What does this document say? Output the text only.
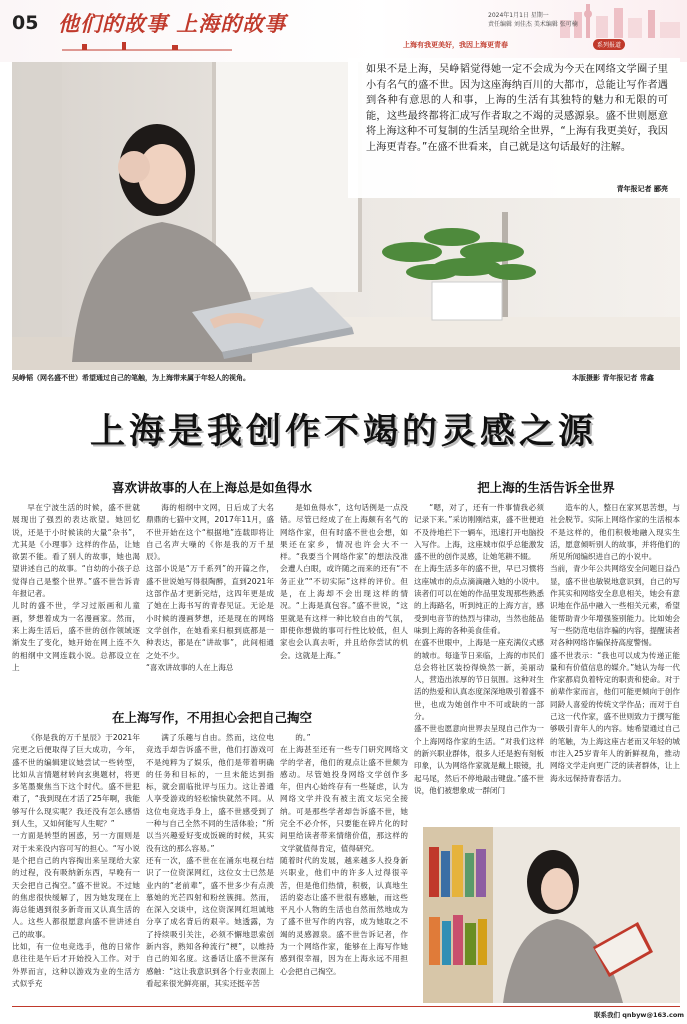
05 他们的故事 上海的故事	2024年1月1日 星期一
责任编辑 刘佳杰 美术编辑 张可楠
上海有我更美好，我因上海更青春	系列报道

如果不是上海，吴峥韬觉得她一定不会成为今天在网络文学圈子里小有名气的盛不世。因为这座海纳百川的大都市，总能让写作者遇到各种有意思的人和事，上海的生活有其独特的魅力和无限的可能，这些最终都将汇成写作者取之不竭的灵感源泉。盛不世则愿意将上海这种不可复制的生活呈现给全世界，“上海有我更美好，我因上海更青春。”在盛不世看来，自己就是这句话最好的注解。

青年报记者 郦亮
吴峥韬（网名盛不世）希望通过自己的笔触，为上海带来属于年轻人的视角。	本版摄影 青年报记者 常鑫
上海是我创作不竭的灵感之源
喜欢讲故事的人在上海总是如鱼得水	把上海的生活告诉全世界
在上海写作，不用担心会把自己掏空
早在宁波生活的时候，盛不世就展现出了强烈的表达欲望。她回忆说，还是于小时候读的大量“杂书”，尤其是《小理事》这样的作品，让她欲罢不能。看了别人的故事，她也渴望讲述自己的故事。“自幼的小孩子总觉得自己是整个世界。”盛不世告诉青年报记者。
儿时的盛不世，学习过版画和儿童画，梦想着成为一名漫画家。然而，来上海生活后，盛不世的创作领域逐渐发生了变化，她开始在网上连不久的相纲中文网连载小说。总都设立在上
海的相纲中文网，日后成了大名鼎鼎的七猫中文网，2017年11月，盛不世开始在这个“根据地”连载即将让自己名声大噪的《你是我的万千星辰》。
这部小说是“万千系列”的开篇之作，盛不世说她写得很陶醉，直到2021年这部作品才更新完结，这四年更是成了她在上海书写的青春见证。无论是小时候的漫画梦想，还是现在的网络文学创作，在她看来归根到底都是一种表达，都是在“讲故事”，此间相通之处不少。
“喜欢讲故事的人在上海总
是如鱼得水”，这句话例是一点没错。尽管已经成了在上海颇有名气的网络作家，但有时盛不世也会想，如果还在家乡，情况也许会大不一样。“我要当个网络作家”的想法没准会遭人白眼，或许随之而来的还有“不务正业”“不切实际”这样的评价。但是，在上海却不会出现这样的情况。“上海是真包容。”盛不世说，“这里就是有这样一种比较自由的气氛，即使你想做的事可行性比较低，但人家也会认真去听，并且给你尝试的机会。这就是上海。”
《你是我的万千星辰》于2021年完更之后便取得了巨大成功，今年，盛不世的编辑建议她尝试一些转型，比如从言情题材转向玄奥题材，将更多笔墨聚焦当下这个时代。盛不世犯难了，“我到现在才活了25年啊，我能够写什么现实呢？我还没有怎么感悟到人生，又如何能写人生呢？”
一方面是转型的困惑，另一方面则是对于未来没内容可写的担心。“写小说是个把自己的内容掏出来呈现给大家的过程，没有吸纳新东西，早晚有一天会把自己掏空。”盛不世说。不过她的焦虑很快缓解了，因为她发现在上海总能遇到很多新奇而又认真生活的人。这些人都很愿意向盛不世讲述自己的故事。
比如，有一位电竞选手，他的日常作息往往是午后才开始投入工作。对于外界而言，这种以游戏为业的生活方式似乎充
满了乐趣与自由。然而，这位电竞选手却告诉盛不世，他们打游戏可不是纯粹为了娱乐，他们是带着明确的任务和目标的，一旦未能达到指标，就会面临批评与压力。这让普通人享受游戏的轻松愉快就然不同。从这位电竞选手身上，盛不世感受到了一种与自己全然不同的生活体验；“所以当兴趣爱好变成饭碗的时候，其实没有这的那么容易。”
还有一次，盛不世在在涌东电视台结识了一位资深网红，这位女士已然是业内的“老前辈”，盛不世多少有点羡慕她的光芒四射和粉丝簇拥。然而，在深入交谈中，这位资深网红坦诚地分享了成名背后的艰辛。她透露，为了持续吸引关注，必须不懈地思索创新内容，熟知各种流行“梗”，以维持自己的知名度。这番话让盛不世深有感触：“这让我意识到各个行业表面上看起来很光鲜亮丽，其实还挺辛苦
的。”
在上海甚至还有一些专门研究网络文学的学者，他们的观点让盛不世颇为感动。尽管她投身网络文学创作多年，但内心始终存有一些疑虑，认为网络文学并没有被主流文坛完全接纳。可是那些学者却告诉盛不世，她完全不必介怀，只要能在碎片化的时间里给读者带来情绪价值，那这样的文学就值得肯定，值得研究。
随着时代的发展，越来越多人投身新兴职业，他们中的许多人过得很辛苦，但是他们热情，积极，认真地生活的姿态让盛不世很有感触，而这些平凡小人物的生活也自然而然地成为了盛不世写作的内容，成为她取之不竭的灵感源泉。盛不世告诉记者，作为一个网络作家，能够在上海写作她感到很幸福，因为在上海永远不用担心会把自己掏空。
“嗯，对了，还有一件事情我必须记录下来。”采访刚刚结束，盛不世便迫不及待地拦下一辆车，迅速打开电脑投入写作。上海，这座城市似乎总能激发盛不世的创作灵感，让她笔耕不辍。
在上海生活多年的盛不世，早已习惯将这座城市的点点滴滴融入她的小说中。读者们可以在她的作品里发现那些熟悉的上海路名，听到纯正的上海方言，感受到电音节的热烈与律动，当然也能品味到上海的各种美食佳肴。
在盛不世眼中，上海是一座充满仪式感的城市。每逢节日来临，上海的市民们总会将社区装扮得焕然一新，美丽动人，营造出浓厚的节日氛围。这种对生活的热爱和认真态度深深地吸引着盛不世，也成为她创作中不可或缺的一部分。
盛不世也愿意向世界去呈现自己作为一个上海网络作家的生活。“对我们这样的新兴职业群体，很多人还是抱有刻板印象，认为网络作家就是戴上眼镜，扎起马尾，然后不停地敲击键盘。”盛不世说，他们被想象成一群闭门
造车的人，整日在家冥思苦想，与社会脱节。实际上网络作家的生活根本不是这样的，他们积极地融入现实生活，愿意倾听别人的故事，并将他们的所见所闻编织进自己的小说中。
当前，青少年公共网络安全问题日益凸显，盛不世也敏锐地意识到，自己的写作其实和网络安全息息相关，她会有意识地在作品中融入一些相关元素，希望能帮助青少年增强鉴别能力。比如她会写一些防范电信诈骗的内容，提醒读者对各种网络诈骗保持高度警惕。
盛不世表示：“我也可以成为传递正能量和有价值信息的媒介。”她认为每一代作家都肩负着特定的职责和使命。对于前辈作家而言，他们可能更倾向于创作同龄人喜爱的传统文学作品；而对于自己这一代作家，盛不世则致力于撰写能够吸引青年人的内容。她希望通过自己的笔触，为上海这座古老而又年轻的城市注入25岁青年人的新鲜视角，推动网络文学走向更广泛的读者群体，让上海永远保持青春活力。
联系我们 qnbyw@163.com
